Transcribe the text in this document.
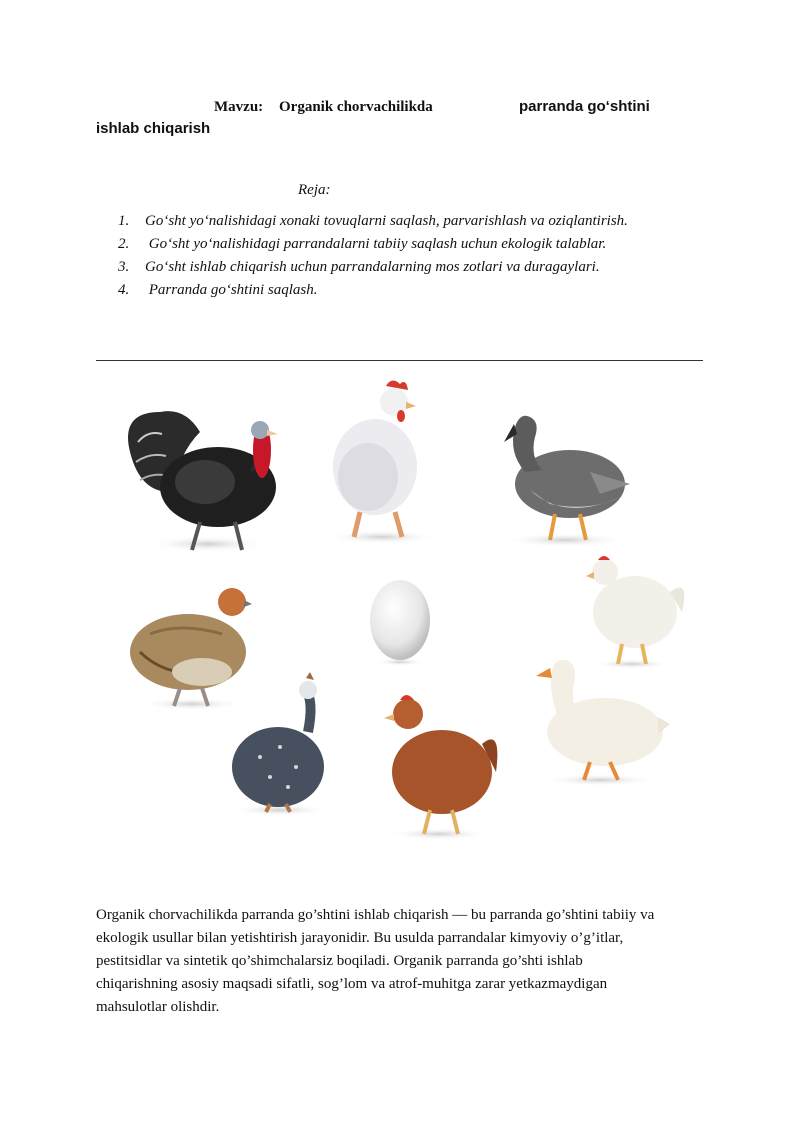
Mavzu: Organik chorvachilikda	parranda go‘shtini
ishlab chiqarish
Reja:
1. Go‘sht yo‘nalishidagi xonaki tovuqlarni saqlash, parvarishlash va oziqlantirish.
2. Go‘sht yo‘nalishidagi parrandalarni tabiiy saqlash uchun ekologik talablar.
3. Go‘sht ishlab chiqarish uchun parrandalarning mos zotlari va duragaylari.
4. Parranda go‘shtini saqlash.
Organik chorvachilikda parranda go’shtini ishlab chiqarish — bu parranda go’shtini tabiiy va
ekologik usullar bilan yetishtirish jarayonidir. Bu usulda parrandalar kimyoviy o’g’itlar,
pestitsidlar va sintetik qo’shimchalarsiz boqiladi. Organik parranda go’shti ishlab
chiqarishning asosiy maqsadi sifatli, sog’lom va atrof-muhitga zarar yetkazmaydigan
mahsulotlar olishdir.
